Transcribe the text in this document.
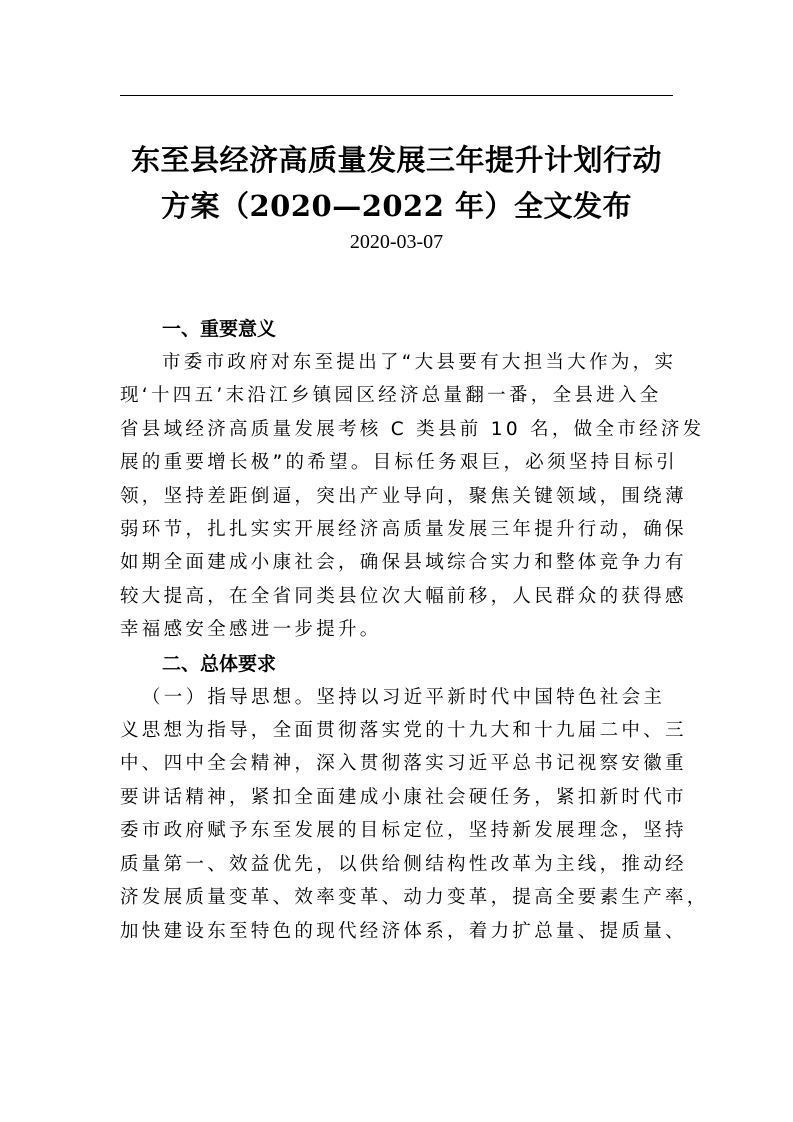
东至县经济高质量发展三年提升计划行动
方案（2020—2022 年）全文发布
2020-03-07
一、重要意义
市委市政府对东至提出了“大县要有大担当大作为，实
现‘十四五’末沿江乡镇园区经济总量翻一番，全县进入全
省县域经济高质量发展考核 C 类县前 10 名，做全市经济发
展的重要增长极”的希望。目标任务艰巨，必须坚持目标引
领，坚持差距倒逼，突出产业导向，聚焦关键领域，围绕薄
弱环节，扎扎实实开展经济高质量发展三年提升行动，确保
如期全面建成小康社会，确保县域综合实力和整体竞争力有
较大提高，在全省同类县位次大幅前移，人民群众的获得感
幸福感安全感进一步提升。
二、总体要求
（一）指导思想。坚持以习近平新时代中国特色社会主
义思想为指导，全面贯彻落实党的十九大和十九届二中、三
中、四中全会精神，深入贯彻落实习近平总书记视察安徽重
要讲话精神，紧扣全面建成小康社会硬任务，紧扣新时代市
委市政府赋予东至发展的目标定位，坚持新发展理念，坚持
质量第一、效益优先，以供给侧结构性改革为主线，推动经
济发展质量变革、效率变革、动力变革，提高全要素生产率，
加快建设东至特色的现代经济体系，着力扩总量、提质量、
